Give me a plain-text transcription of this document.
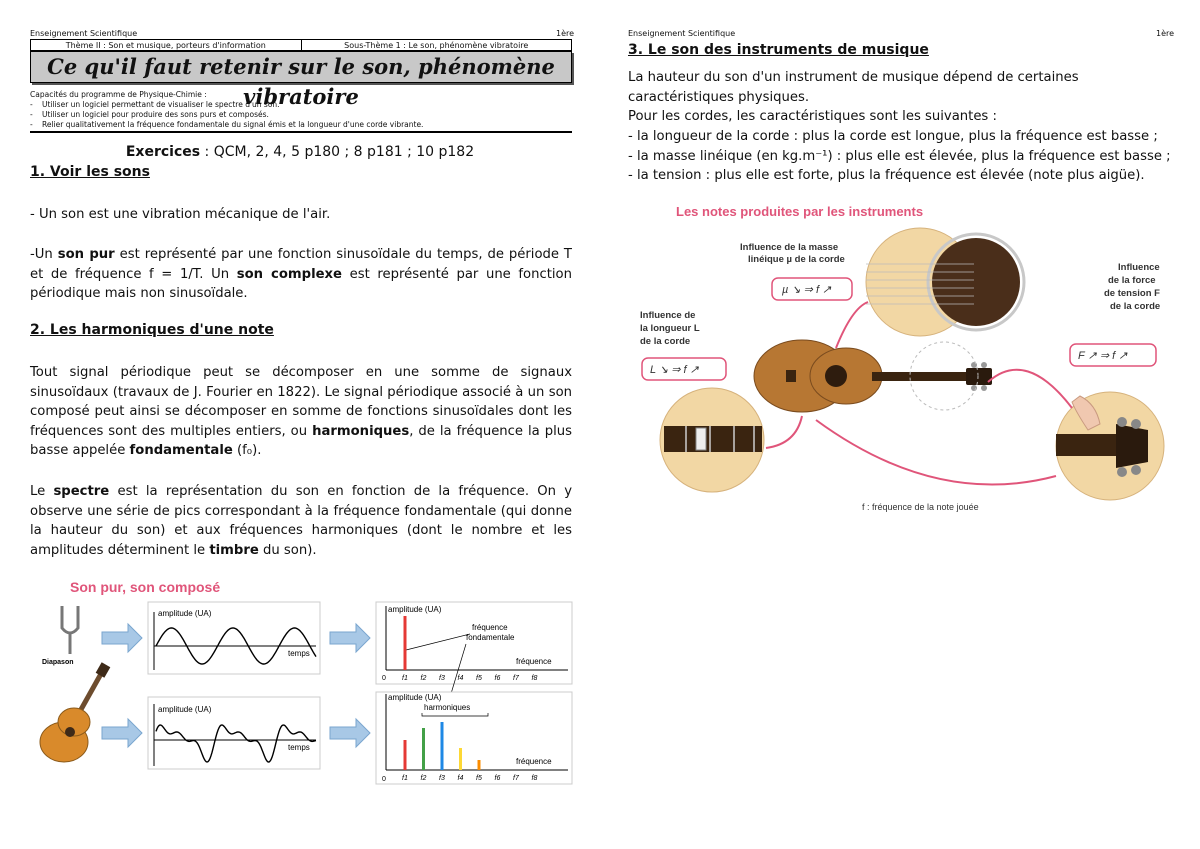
Enseignement Scientifique	1ère
Thème II : Son et musique, porteurs d'information	Sous-Thème 1 : Le son, phénomène vibratoire
Ce qu'il faut retenir sur le son, phénomène vibratoire
Capacités du programme de Physique-Chimie :
- Utiliser un logiciel permettant de visualiser le spectre d'un son.
- Utiliser un logiciel pour produire des sons purs et composés.
- Relier qualitativement la fréquence fondamentale du signal émis et la longueur d'une corde vibrante.
Exercices : QCM, 2, 4, 5 p180 ; 8 p181 ; 10 p182
1. Voir les sons
- Un son est une vibration mécanique de l'air.
-Un son pur est représenté par une fonction sinusoïdale du temps, de période T et de fréquence f = 1/T. Un son complexe est représenté par une fonction périodique mais non sinusoïdale.
2. Les harmoniques d'une note
Tout signal périodique peut se décomposer en une somme de signaux sinusoïdaux (travaux de J. Fourier en 1822). Le signal périodique associé à un son composé peut ainsi se décomposer en somme de fonctions sinusoïdales dont les fréquences sont des multiples entiers, ou harmoniques, de la fréquence la plus basse appelée fondamentale (f₀).
Le spectre est la représentation du son en fonction de la fréquence. On y observe une série de pics correspondant à la fréquence fondamentale (qui donne la hauteur du son) et aux fréquences harmoniques (dont le nombre et les amplitudes déterminent le timbre du son).
Son pur, son composé
Diapason
amplitude (UA)
temps
amplitude (UA)
temps
amplitude (UA)
fréquence
fréquence
fondamentale
0 f1 f2 f3 f4 f5 f6 f7 f8
amplitude (UA)
fréquence
harmoniques
0 f1 f2 f3 f4 f5 f6 f7 f8
Enseignement Scientifique	1ère
3. Le son des instruments de musique
La hauteur du son d'un instrument de musique dépend de certaines caractéristiques physiques.
Pour les cordes, les caractéristiques sont les suivantes :
- la longueur de la corde : plus la corde est longue, plus la fréquence est basse ;
- la masse linéique (en kg.m⁻¹) : plus elle est élevée, plus la fréquence est basse ;
- la tension : plus elle est forte, plus la fréquence est élevée (note plus aigüe).
Les notes produites par les instruments
Influence de la masse
linéique µ de la corde
µ ↘ ⇒ f ↗
Influence de
la longueur L
de la corde
L ↘ ⇒ f ↗
Influence
de la force
de tension F
de la corde
F ↗ ⇒ f ↗
f : fréquence de la note jouée
